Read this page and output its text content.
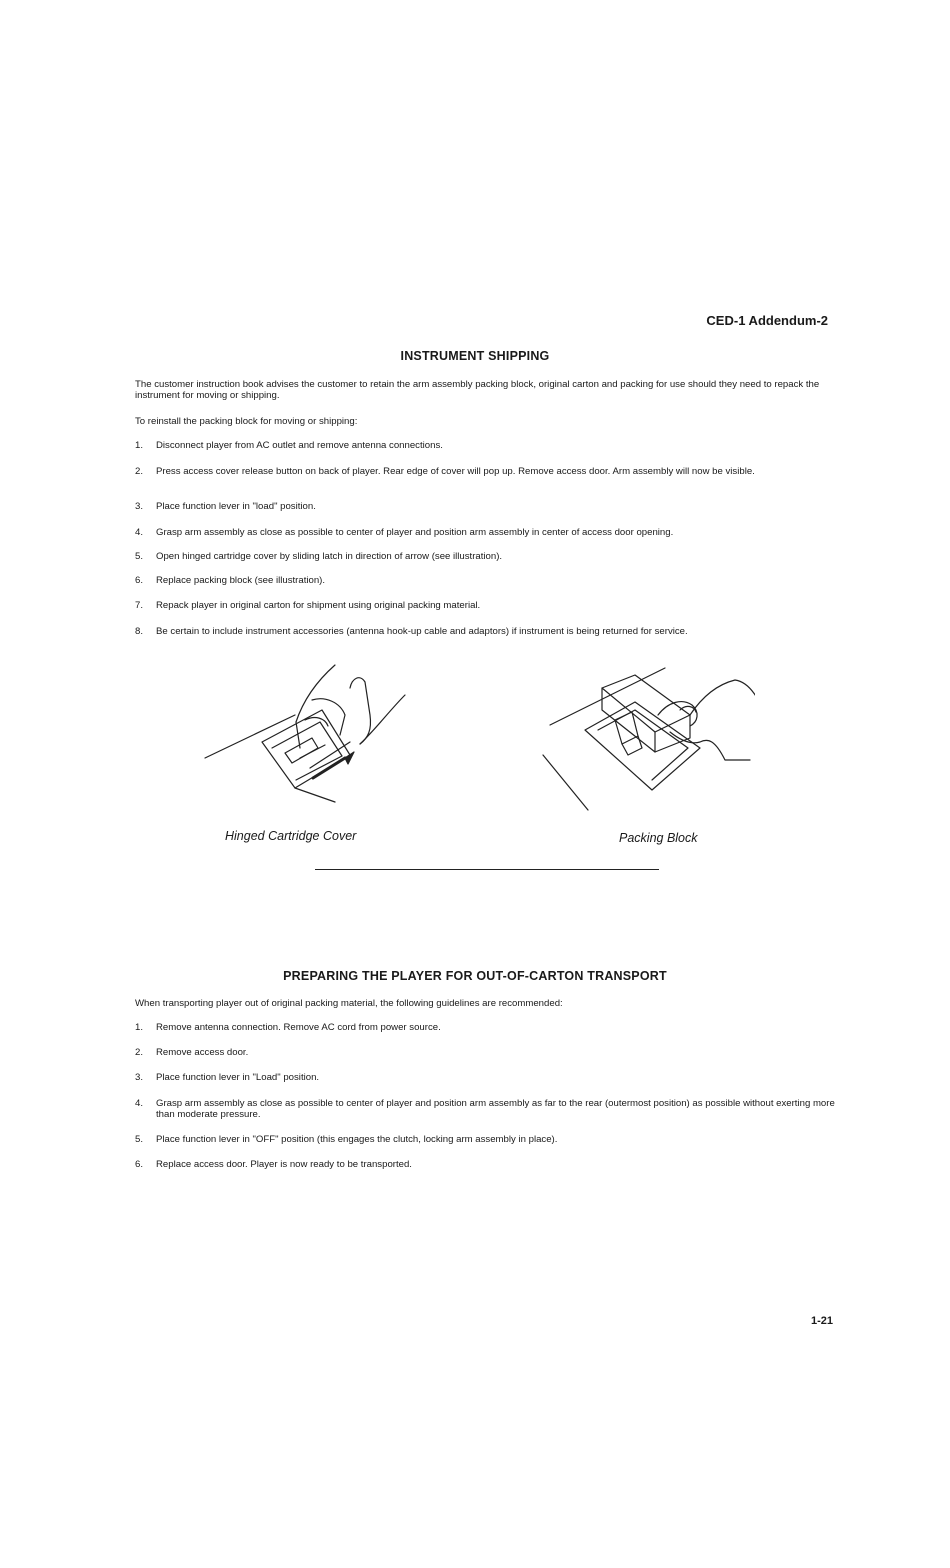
CED-1 Addendum-2
INSTRUMENT SHIPPING
The customer instruction book advises the customer to retain the arm assembly packing block, original carton and packing for use should they need to repack the instrument for moving or shipping.
To reinstall the packing block for moving or shipping:
1.	Disconnect player from AC outlet and remove antenna connections.
2.	Press access cover release button on back of player. Rear edge of cover will pop up. Remove access door. Arm assembly will now be visible.
3.	Place function lever in "load" position.
4.	Grasp arm assembly as close as possible to center of player and position arm assembly in center of access door opening.
5.	Open hinged cartridge cover by sliding latch in direction of arrow (see illustration).
6.	Replace packing block (see illustration).
7.	Repack player in original carton for shipment using original packing material.
8.	Be certain to include instrument accessories (antenna hook-up cable and adaptors) if instrument is being returned for service.
Hinged Cartridge Cover	Packing Block
PREPARING THE PLAYER FOR OUT-OF-CARTON TRANSPORT
When transporting player out of original packing material, the following guidelines are recommended:
1.	Remove antenna connection. Remove AC cord from power source.
2.	Remove access door.
3.	Place function lever in "Load" position.
4.	Grasp arm assembly as close as possible to center of player and position arm assembly as far to the rear (outermost position) as possible without exerting more than moderate pressure.
5.	Place function lever in "OFF" position (this engages the clutch, locking arm assembly in place).
6.	Replace access door. Player is now ready to be transported.
1-21
